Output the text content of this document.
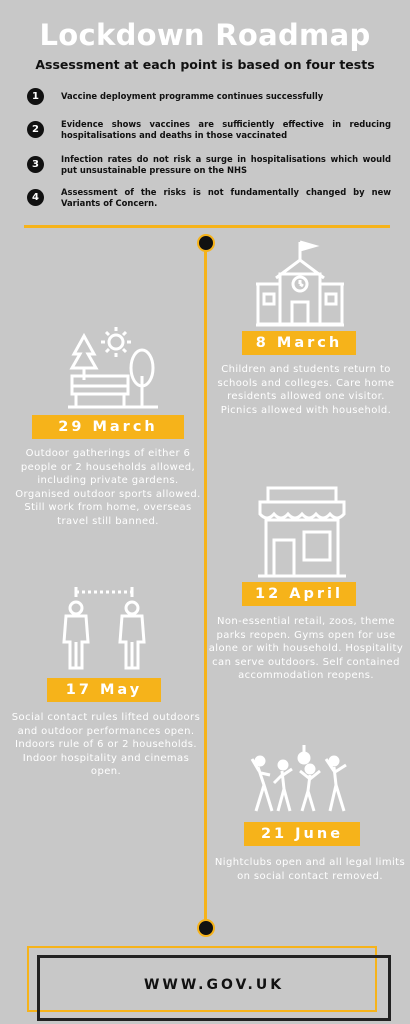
Lockdown Roadmap
Assessment at each point is based on four tests
1	Vaccine deployment programme continues successfully
2	Evidence shows vaccines are sufficiently effective in reducing hospitalisations and deaths in those vaccinated
3	Infection rates do not risk a surge in hospitalisations which would put unsustainable pressure on the NHS
4	Assessment of the risks is not fundamentally changed by new Variants of Concern.
8 March
Children and students return to schools and colleges. Care home residents allowed one visitor. Picnics allowed with household.
29 March
Outdoor gatherings of either 6 people or 2 households allowed, including private gardens. Organised outdoor sports allowed. Still work from home, overseas travel still banned.
12 April
Non-essential retail, zoos, theme parks reopen. Gyms open for use alone or with household. Hospitality can serve outdoors. Self contained accommodation reopens.
17 May
Social contact rules lifted outdoors and outdoor performances open. Indoors rule of 6 or 2 households. Indoor hospitality and cinemas open.
21 June
Nightclubs open and all legal limits on social contact removed.
WWW.GOV.UK
